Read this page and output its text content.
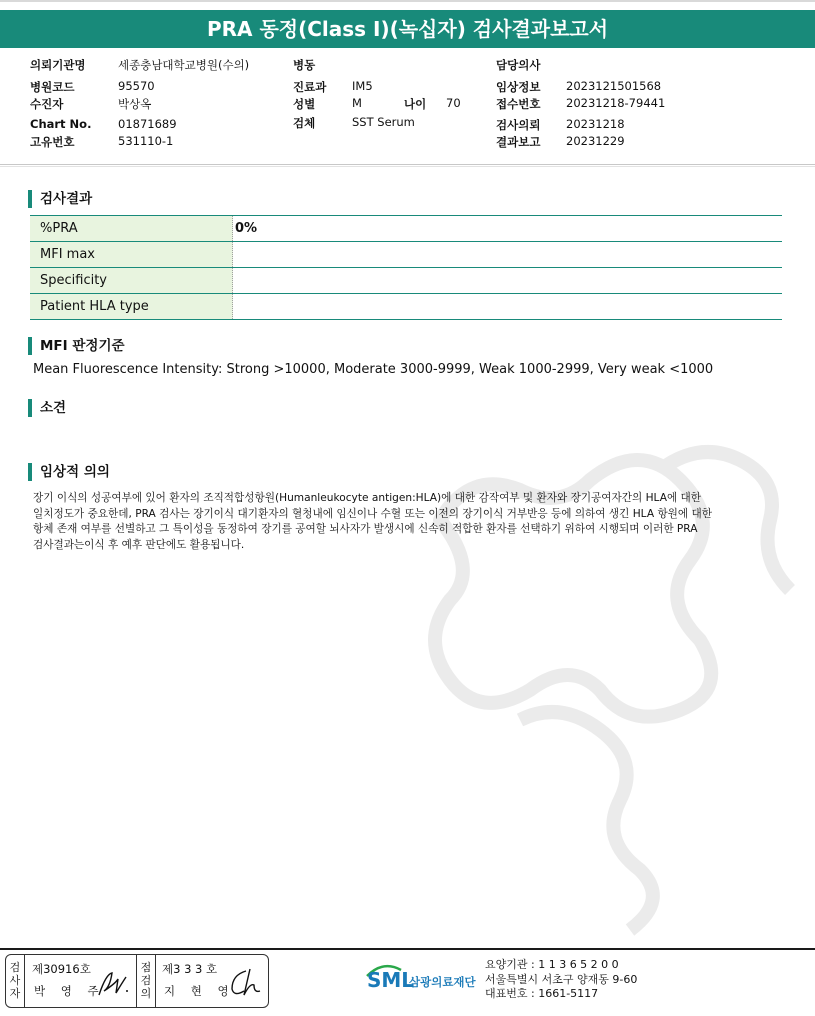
PRA 동정(Class I)(녹십자) 검사결과보고서
의뢰기관명	세종충남대학교병원(수의)
병원코드	95570
수진자	박상옥
Chart No. 01871689
고유번호	531110-1
병동
진료과 IM5
성별	M	나이 70
검체	SST Serum
담당의사
임상정보 2023121501568
접수번호 20231218-79441
검사의뢰 20231218
결과보고 20231229
검사결과
%PRA	0%
MFI max
Specificity
Patient HLA type
MFI 판정기준
Mean Fluorescence Intensity: Strong >10000, Moderate 3000-9999, Weak 1000-2999, Very weak <1000
소견
임상적 의의
장기 이식의 성공여부에 있어 환자의 조직적합성항원(Humanleukocyte antigen:HLA)에 대한 감작여부 및 환자와 장기공여자간의 HLA에 대한
일치정도가 중요한데, PRA 검사는 장기이식 대기환자의 혈청내에 임신이나 수혈 또는 이전의 장기이식 거부반응 등에 의하여 생긴 HLA 항원에 대한
항체 존재 여부를 선별하고 그 특이성을 동정하여 장기를 공여할 뇌사자가 발생시에 신속히 적합한 환자를 선택하기 위하여 시행되며 이러한 PRA
검사결과는이식 후 예후 판단에도 활용됩니다.
검
사
자
제30916호
박 영 주
점
검
의
제3 3 3 호
지 현 영	SML
삼광의료재단
요양기관 : 1 1 3 6 5 2 0 0
서울특별시 서초구 양재동 9-60
대표번호 : 1661-5117
